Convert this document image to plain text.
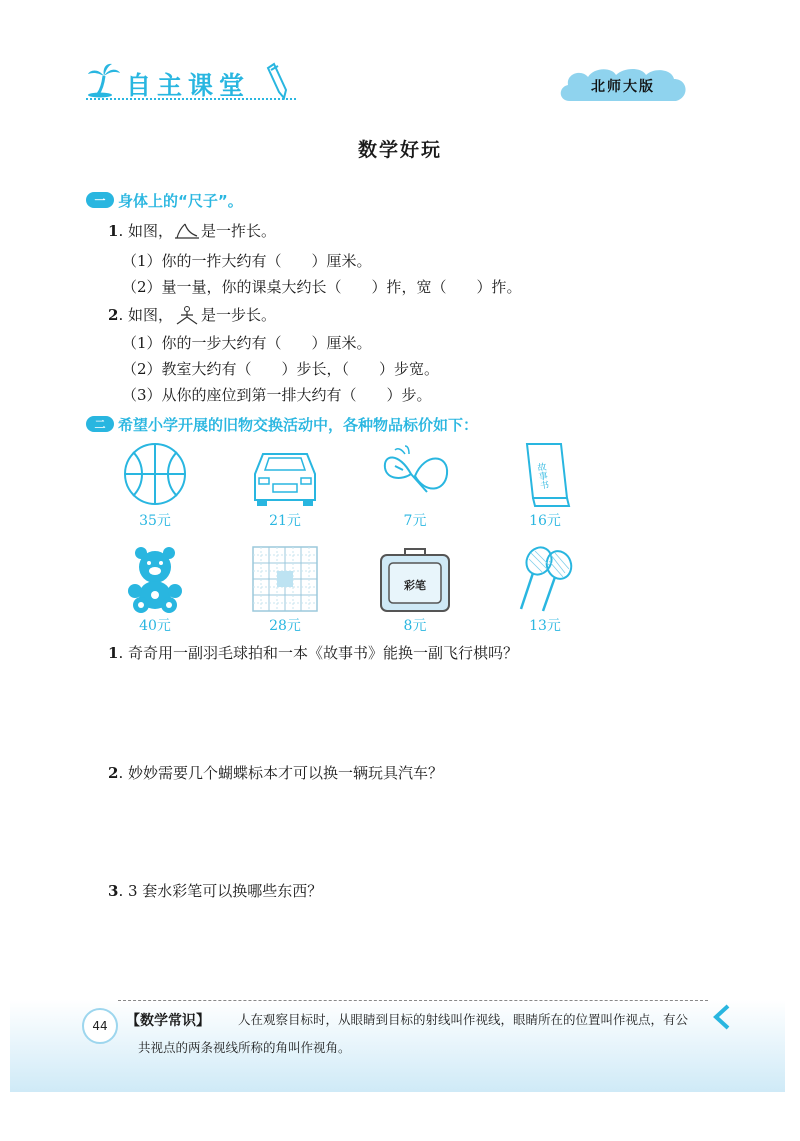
自主课堂	北师大版
数学好玩
一 身体上的“尺子”。
1. 如图， 是一拃长。
（1）你的一拃大约有（　　）厘米。
（2）量一量，你的课桌大约长（　　）拃，宽（　　）拃。
2. 如图， 是一步长。
（1）你的一步大约有（　　）厘米。
（2）教室大约有（　　）步长，（　　）步宽。
（3）从你的座位到第一排大约有（　　）步。
二 希望小学开展的旧物交换活动中，各种物品标价如下：
35元	21元	7元
故事书
16元
40元	28元
彩笔
8元	13元
1. 奇奇用一副羽毛球拍和一本《故事书》能换一副飞行棋吗？
2. 妙妙需要几个蝴蝶标本才可以换一辆玩具汽车？
3. 3 套水彩笔可以换哪些东西？
44	【数学常识】 人在观察目标时，从眼睛到目标的射线叫作视线，眼睛所在的位置叫作视点，有公
共视点的两条视线所称的角叫作视角。
